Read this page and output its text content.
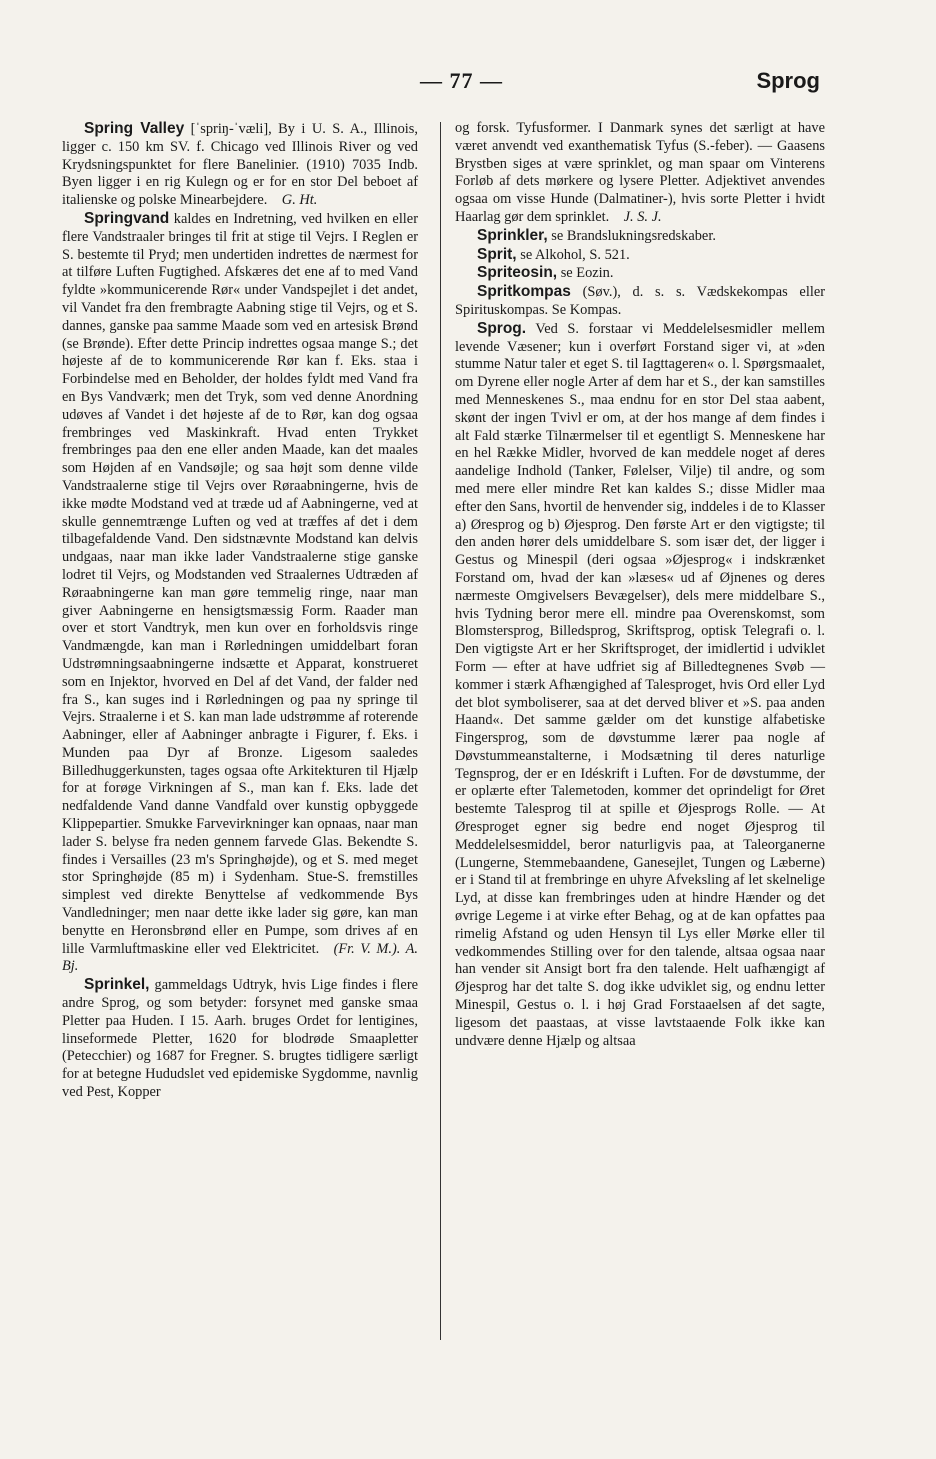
— 77 —	Sprog

Spring Valley [ˈspriŋ-ˈvæli], By i U. S. A., Illinois, ligger c. 150 km SV. f. Chicago ved Illinois River og ved Krydsningspunktet for flere Banelinier. (1910) 7035 Indb. Byen ligger i en rig Kulegn og er for en stor Del beboet af italienske og polske Minearbejdere.  G. Ht.

Springvand kaldes en Indretning, ved hvilken en eller flere Vandstraaler bringes til frit at stige til Vejrs. I Reglen er S. bestemte til Pryd; men undertiden indrettes de nærmest for at tilføre Luften Fugtighed. Afskæres det ene af to med Vand fyldte »kommunicerende Rør« under Vandspejlet i det andet, vil Vandet fra den frembragte Aabning stige til Vejrs, og et S. dannes, ganske paa samme Maade som ved en artesisk Brønd (se Brønde). Efter dette Princip indrettes ogsaa mange S.; det højeste af de to kommunicerende Rør kan f. Eks. staa i Forbindelse med en Beholder, der holdes fyldt med Vand fra en Bys Vandværk; men det Tryk, som ved denne Anordning udøves af Vandet i det højeste af de to Rør, kan dog ogsaa frembringes ved Maskinkraft. Hvad enten Trykket frembringes paa den ene eller anden Maade, kan det maales som Højden af en Vandsøjle; og saa højt som denne vilde Vandstraalerne stige til Vejrs over Røraabningerne, hvis de ikke mødte Modstand ved at træde ud af Aabningerne, ved at skulle gennemtrænge Luften og ved at træffes af det i dem tilbagefaldende Vand. Den sidstnævnte Modstand kan delvis undgaas, naar man ikke lader Vandstraalerne stige ganske lodret til Vejrs, og Modstanden ved Straalernes Udtræden af Røraabningerne kan man gøre temmelig ringe, naar man giver Aabningerne en hensigtsmæssig Form. Raader man over et stort Vandtryk, men kun over en forholdsvis ringe Vandmængde, kan man i Rørledningen umiddelbart foran Udstrømningsaabningerne indsætte et Apparat, konstrueret som en Injektor, hvorved en Del af det Vand, der falder ned fra S., kan suges ind i Rørledningen og paa ny springe til Vejrs. Straalerne i et S. kan man lade udstrømme af roterende Aabninger, eller af Aabninger anbragte i Figurer, f. Eks. i Munden paa Dyr af Bronze. Ligesom saaledes Billedhuggerkunsten, tages ogsaa ofte Arkitekturen til Hjælp for at forøge Virkningen af S., man kan f. Eks. lade det nedfaldende Vand danne Vandfald over kunstig opbyggede Klippepartier. Smukke Farvevirkninger kan opnaas, naar man lader S. belyse fra neden gennem farvede Glas. Bekendte S. findes i Versailles (23 m's Springhøjde), og et S. med meget stor Springhøjde (85 m) i Sydenham. Stue-S. fremstilles simplest ved direkte Benyttelse af vedkommende Bys Vandledninger; men naar dette ikke lader sig gøre, kan man benytte en Heronsbrønd eller en Pumpe, som drives af en lille Varmluftmaskine eller ved Elektricitet.  (Fr. V. M.). A. Bj.

Sprinkel, gammeldags Udtryk, hvis Lige findes i flere andre Sprog, og som betyder: forsynet med ganske smaa Pletter paa Huden. I 15. Aarh. bruges Ordet for lentigines, linseformede Pletter, 1620 for blodrøde Smaapletter (Petecchier) og 1687 for Fregner. S. brugtes tidligere særligt for at betegne Hududslet ved epidemiske Sygdomme, navnlig ved Pest, Kopper

og forsk. Tyfusformer. I Danmark synes det særligt at have været anvendt ved exanthematisk Tyfus (S.-feber). — Gaasens Brystben siges at være sprinklet, og man spaar om Vinterens Forløb af dets mørkere og lysere Pletter. Adjektivet anvendes ogsaa om visse Hunde (Dalmatiner-), hvis sorte Pletter i hvidt Haarlag gør dem sprinklet.  J. S. J.

Sprinkler, se Brandslukningsredskaber.

Sprit, se Alkohol, S. 521.

Spriteosin, se Eozin.

Spritkompas (Søv.), d. s. s. Vædskekompas eller Spirituskompas. Se Kompas.

Sprog. Ved S. forstaar vi Meddelelsesmidler mellem levende Væsener; kun i overført Forstand siger vi, at »den stumme Natur taler et eget S. til Iagttageren« o. l. Spørgsmaalet, om Dyrene eller nogle Arter af dem har et S., der kan samstilles med Menneskenes S., maa endnu for en stor Del staa aabent, skønt der ingen Tvivl er om, at der hos mange af dem findes i alt Fald stærke Tilnærmelser til et egentligt S. Menneskene har en hel Række Midler, hvorved de kan meddele noget af deres aandelige Indhold (Tanker, Følelser, Vilje) til andre, og som med mere eller mindre Ret kan kaldes S.; disse Midler maa efter den Sans, hvortil de henvender sig, inddeles i de to Klasser a) Øresprog og b) Øjesprog. Den første Art er den vigtigste; til den anden hører dels umiddelbare S. som især det, der ligger i Gestus og Minespil (deri ogsaa »Øjesprog« i indskrænket Forstand om, hvad der kan »læses« ud af Øjnenes og deres nærmeste Omgivelsers Bevægelser), dels mere middelbare S., hvis Tydning beror mere ell. mindre paa Overenskomst, som Blomstersprog, Billedsprog, Skriftsprog, optisk Telegrafi o. l. Den vigtigste Art er her Skriftsproget, der imidlertid i udviklet Form — efter at have udfriet sig af Billedtegnenes Svøb — kommer i stærk Afhængighed af Talesproget, hvis Ord eller Lyd det blot symboliserer, saa at det derved bliver et »S. paa anden Haand«. Det samme gælder om det kunstige alfabetiske Fingersprog, som de døvstumme lærer paa nogle af Døvstummeanstalterne, i Modsætning til deres naturlige Tegnsprog, der er en Idéskrift i Luften. For de døvstumme, der er oplærte efter Talemetoden, kommer det oprindeligt for Øret bestemte Talesprog til at spille et Øjesprogs Rolle. — At Øresproget egner sig bedre end noget Øjesprog til Meddelelsesmiddel, beror naturligvis paa, at Taleorganerne (Lungerne, Stemmebaandene, Ganesejlet, Tungen og Læberne) er i Stand til at frembringe en uhyre Afveksling af let skelnelige Lyd, at disse kan frembringes uden at hindre Hænder og det øvrige Legeme i at virke efter Behag, og at de kan opfattes paa rimelig Afstand og uden Hensyn til Lys eller Mørke eller til vedkommendes Stilling over for den talende, altsaa ogsaa naar han vender sit Ansigt bort fra den talende. Helt uafhængigt af Øjesprog har det talte S. dog ikke udviklet sig, og endnu letter Minespil, Gestus o. l. i høj Grad Forstaaelsen af det sagte, ligesom det paastaas, at visse lavtstaaende Folk ikke kan undvære denne Hjælp og altsaa
